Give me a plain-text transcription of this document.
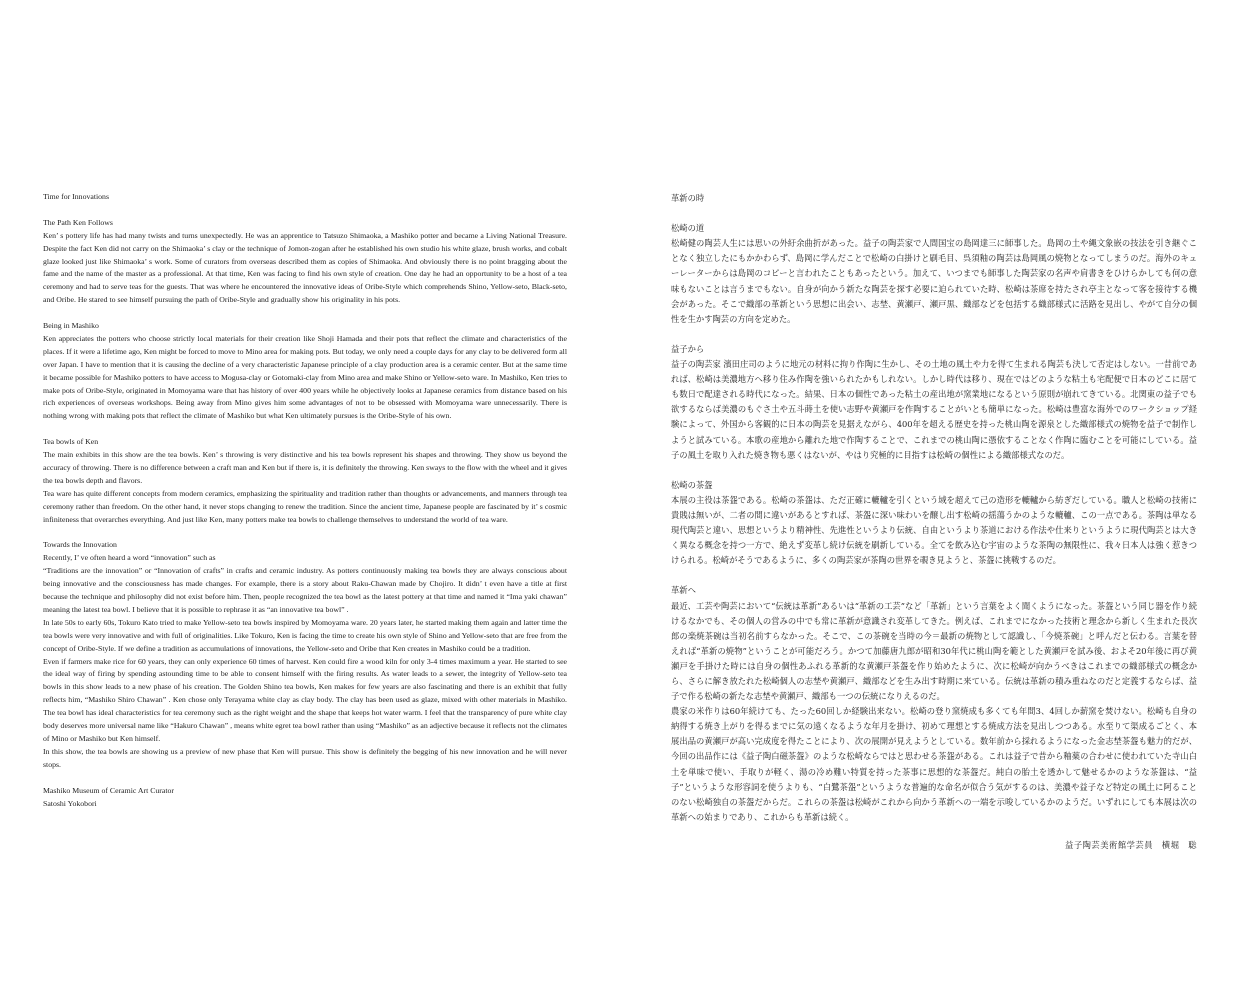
Time for Innovations
The Path Ken Follows

Ken’ s pottery life has had many twists and turns unexpectedly. He was an apprentice to Tatsuzo Shimaoka, a Mashiko potter and became a Living National Treasure. Despite the fact Ken did not carry on the Shimaoka’ s clay or the technique of Jomon-zogan after he established his own studio his white glaze, brush works, and cobalt glaze looked just like Shimaoka’ s work. Some of curators from overseas described them as copies of Shimaoka. And obviously there is no point bragging about the fame and the name of the master as a professional. At that time, Ken was facing to find his own style of creation. One day he had an opportunity to be a host of a tea ceremony and had to serve teas for the guests. That was where he encountered the innovative ideas of Oribe-Style which comprehends Shino, Yellow-seto, Black-seto, and Oribe. He stared to see himself pursuing the path of Oribe-Style and gradually show his originality in his pots.

Being in Mashiko

Ken appreciates the potters who choose strictly local materials for their creation like Shoji Hamada and their pots that reflect the climate and characteristics of the places. If it were a lifetime ago, Ken might be forced to move to Mino area for making pots. But today, we only need a couple days for any clay to be delivered form all over Japan. I have to mention that it is causing the decline of a very characteristic Japanese principle of a clay production area is a ceramic center. But at the same time it became possible for Mashiko potters to have access to Mogusa-clay or Gotomaki-clay from Mino area and make Shino or Yellow-seto ware. In Mashiko, Ken tries to make pots of Oribe-Style, originated in Momoyama ware that has history of over 400 years while he objectively looks at Japanese ceramics from distance based on his rich experiences of overseas workshops. Being away from Mino gives him some advantages of not to be obsessed with Momoyama ware unnecessarily. There is nothing wrong with making pots that reflect the climate of Mashiko but what Ken ultimately pursues is the Oribe-Style of his own.

Tea bowls of Ken

The main exhibits in this show are the tea bowls. Ken’ s throwing is very distinctive and his tea bowls represent his shapes and throwing. They show us beyond the accuracy of throwing. There is no difference between a craft man and Ken but if there is, it is definitely the throwing. Ken sways to the flow with the wheel and it gives the tea bowls depth and flavors.

Tea ware has quite different concepts from modern ceramics, emphasizing the spirituality and tradition rather than thoughts or advancements, and manners through tea ceremony rather than freedom. On the other hand, it never stops changing to renew the tradition. Since the ancient time, Japanese people are fascinated by it’ s cosmic infiniteness that overarches everything. And just like Ken, many potters make tea bowls to challenge themselves to understand the world of tea ware.

Towards the Innovation

Recently, I’ ve often heard a word “innovation” such as

“Traditions are the innovation” or “Innovation of crafts” in crafts and ceramic industry. As potters continuously making tea bowls they are always conscious about being innovative and the consciousness has made changes. For example, there is a story about Raku-Chawan made by Chojiro. It didn’ t even have a title at first because the technique and philosophy did not exist before him. Then, people recognized the tea bowl as the latest pottery at that time and named it “Ima yaki chawan” meaning the latest tea bowl. I believe that it is possible to rephrase it as “an innovative tea bowl” .

In late 50s to early 60s, Tokuro Kato tried to make Yellow-seto tea bowls inspired by Momoyama ware. 20 years later, he started making them again and latter time the tea bowls were very innovative and with full of originalities. Like Tokuro, Ken is facing the time to create his own style of Shino and Yellow-seto that are free from the concept of Oribe-Style. If we define a tradition as accumulations of innovations, the Yellow-seto and Oribe that Ken creates in Mashiko could be a tradition.

Even if farmers make rice for 60 years, they can only experience 60 times of harvest. Ken could fire a wood kiln for only 3-4 times maximum a year. He started to see the ideal way of firing by spending astounding time to be able to consent himself with the firing results. As water leads to a sewer, the integrity of Yellow-seto tea bowls in this show leads to a new phase of his creation. The Golden Shino tea bowls, Ken makes for few years are also fascinating and there is an exhibit that fully reflects him, “Mashiko Shiro Chawan” . Ken chose only Terayama white clay as clay body. The clay has been used as glaze, mixed with other materials in Mashiko. The tea bowl has ideal characteristics for tea ceremony such as the right weight and the shape that keeps hot water warm. I feel that the transparency of pure white clay body deserves more universal name like “Hakuro Chawan” , means white egret tea bowl rather than using “Mashiko” as an adjective because it reflects not the climates of Mino or Mashiko but Ken himself.

In this show, the tea bowls are showing us a preview of new phase that Ken will pursue. This show is definitely the begging of his new innovation and he will never stops.

Mashiko Museum of Ceramic Art Curator
Satoshi Yokobori
革新の時
松崎の道

松崎健の陶芸人生には思いの外紆余曲折があった。益子の陶芸家で人間国宝の島岡達三に師事した。島岡の土や縄文象嵌の技法を引き継ぐことなく独立したにもかかわらず、島岡に学んだことで松崎の白掛けと刷毛目、呉須釉の陶芸は島岡風の焼物となってしまうのだ。海外のキューレーターからは島岡のコピーと言われたこともあったという。加えて、いつまでも師事した陶芸家の名声や肩書きをひけらかしても何の意味もないことは言うまでもない。自身が向かう新たな陶芸を探す必要に迫られていた時、松崎は茶席を持たされ亭主となって客を接待する機会があった。そこで織部の革新という思想に出会い、志埜、黄瀬戸、瀬戸黒、織部などを包括する織部様式に活路を見出し、やがて自分の個性を生かす陶芸の方向を定めた。

益子から

益子の陶芸家 濱田庄司のように地元の材料に拘り作陶に生かし、その土地の風土や力を得て生まれる陶芸も決して否定はしない。一昔前であれば、松崎は美濃地方へ移り住み作陶を強いられたかもしれない。しかし時代は移り、現在ではどのような粘土も宅配便で日本のどこに居ても数日で配達される時代になった。結果、日本の個性であった粘土の産出地が窯業地になるという原則が崩れてきている。北関東の益子でも欲するならば美濃のもぐさ土や五斗蒔土を使い志野や黄瀬戸を作陶することがいとも簡単になった。松崎は豊富な海外でのワークショップ経験によって、外国から客観的に日本の陶芸を見据えながら、400年を超える歴史を持った桃山陶を源泉とした織部様式の焼物を益子で制作しようと試みている。本歌の産地から離れた地で作陶することで、これまでの桃山陶に憑依することなく作陶に臨むことを可能にしている。益子の風土を取り入れた焼き物も悪くはないが、やはり究極的に目指すは松崎の個性による織部様式なのだ。

松崎の茶盌

本展の主役は茶盌である。松崎の茶盌は、ただ正確に轆轤を引くという域を超えて己の造形を轆轤から紡ぎだしている。職人と松崎の技術に貴賎は無いが、二者の間に違いがあるとすれば、茶盌に深い味わいを醸し出す松崎の揺蕩うかのような轆轤、この一点である。茶陶は単なる現代陶芸と違い、思想というより精神性、先進性というより伝統、自由というより茶道における作法や仕来りというように現代陶芸とは大きく異なる概念を持つ一方で、絶えず変革し続け伝統を刷新している。全てを飲み込む宇宙のような茶陶の無限性に、我々日本人は強く惹きつけられる。松崎がそうであるように、多くの陶芸家が茶陶の世界を覗き見ようと、茶盌に挑戦するのだ。

革新へ

最近、工芸や陶芸において“伝統は革新”あるいは“革新の工芸”など「革新」という言葉をよく聞くようになった。茶盌という同じ器を作り続けるなかでも、その個人の営みの中でも常に革新が意識され変革してきた。例えば、これまでになかった技術と理念から新しく生まれた長次郎の楽焼茶碗は当初名前すらなかった。そこで、この茶碗を当時の今＝最新の焼物として認識し、「今焼茶碗」と呼んだと伝わる。言葉を替えれば“革新の焼物”ということが可能だろう。かつて加藤唐九郎が昭和30年代に桃山陶を範とした黄瀬戸を試み後、およそ20年後に再び黄瀬戸を手掛けた時には自身の個性あふれる革新的な黄瀬戸茶盌を作り始めたように、次に松崎が向かうべきはこれまでの織部様式の概念から、さらに解き放たれた松崎個人の志埜や黄瀬戸、織部などを生み出す時期に来ている。伝統は革新の積み重ねなのだと定義するならば、益子で作る松崎の新たな志埜や黄瀬戸、織部も一つの伝統になりえるのだ。

農家の米作りは60年続けても、たった60回しか経験出来ない。松崎の登り窯焼成も多くても年間3、4回しか薪窯を焚けない。松崎も自身の納得する焼き上がりを得るまでに気の遠くなるような年月を掛け、初めて理想とする焼成方法を見出しつつある。水至りて渠成るごとく、本展出品の黄瀬戸が高い完成度を得たことにより、次の展開が見えようとしている。数年前から採れるようになった金志埜茶盌も魅力的だが、今回の出品作には《益子陶白磁茶盌》のような松崎ならではと思わせる茶盌がある。これは益子で昔から釉薬の合わせに使われていた寺山白土を単味で使い、手取りが軽く、湯の冷め難い特質を持った茶事に思想的な茶盌だ。純白の胎土を透かして魅せるかのような茶盌は、“益子”というような形容詞を使うよりも、“白鷺茶盌”というような普遍的な命名が似合う気がするのは、美濃や益子など特定の風土に阿ることのない松崎独自の茶盌だからだ。これらの茶盌は松崎がこれから向かう革新への一端を示唆しているかのようだ。いずれにしても本展は次の革新への始まりであり、これからも革新は続く。

益子陶芸美術館学芸員　横堀　聡
